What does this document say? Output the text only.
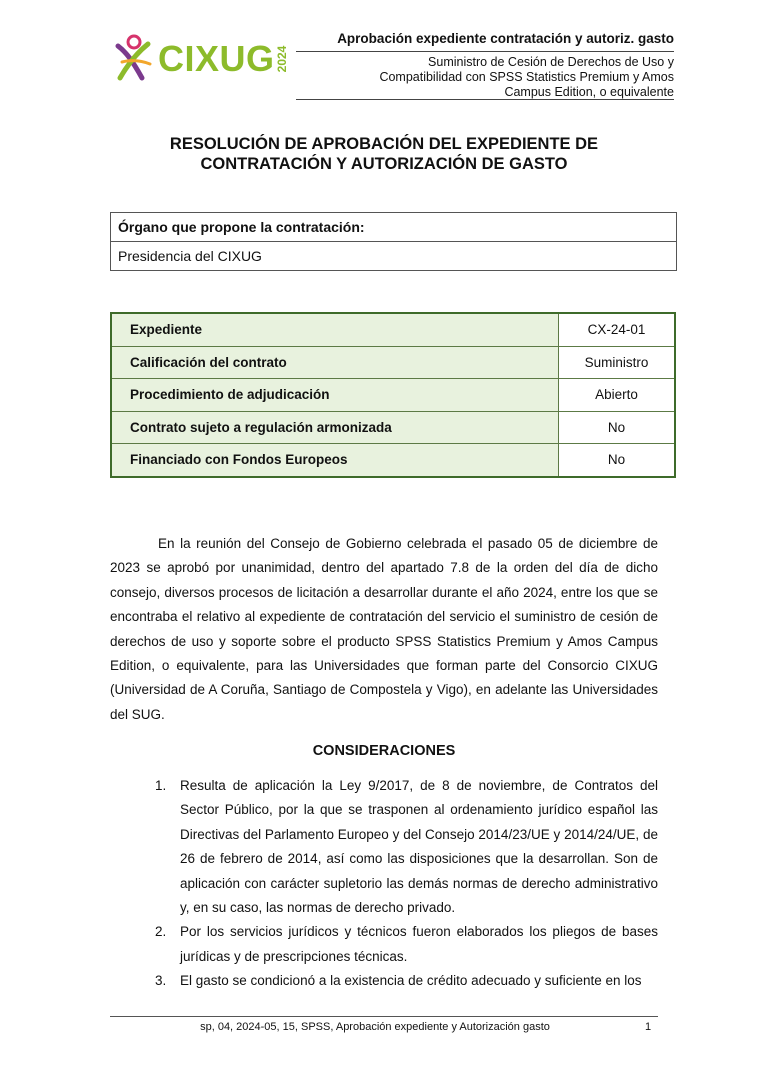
CIXUG 2024
Aprobación expediente contratación y autoriz. gasto
Suministro de Cesión de Derechos de Uso y
Compatibilidad con SPSS Statistics Premium y Amos
Campus Edition, o equivalente
RESOLUCIÓN DE APROBACIÓN DEL EXPEDIENTE DE
CONTRATACIÓN Y AUTORIZACIÓN DE GASTO
Órgano que propone la contratación:
Presidencia del CIXUG
Expediente	CX-24-01
Calificación del contrato	Suministro
Procedimiento de adjudicación	Abierto
Contrato sujeto a regulación armonizada	No
Financiado con Fondos Europeos	No

En la reunión del Consejo de Gobierno celebrada el pasado 05 de diciembre de 2023 se aprobó por unanimidad, dentro del apartado 7.8 de la orden del día de dicho consejo, diversos procesos de licitación a desarrollar durante el año 2024, entre los que se encontraba el relativo al expediente de contratación del servicio el suministro de cesión de derechos de uso y soporte sobre el producto SPSS Statistics Premium y Amos Campus Edition, o equivalente, para las Universidades que forman parte del Consorcio CIXUG (Universidad de A Coruña, Santiago de Compostela y Vigo), en adelante las Universidades del SUG.

CONSIDERACIONES
1. Resulta de aplicación la Ley 9/2017, de 8 de noviembre, de Contratos del Sector Público, por la que se trasponen al ordenamiento jurídico español las Directivas del Parlamento Europeo y del Consejo 2014/23/UE y 2014/24/UE, de 26 de febrero de 2014, así como las disposiciones que la desarrollan. Son de aplicación con carácter supletorio las demás normas de derecho administrativo y, en su caso, las normas de derecho privado.
2. Por los servicios jurídicos y técnicos fueron elaborados los pliegos de bases jurídicas y de prescripciones técnicas.
3. El gasto se condicionó a la existencia de crédito adecuado y suficiente en los
sp, 04, 2024-05, 15, SPSS, Aprobación expediente y Autorización gasto	1
